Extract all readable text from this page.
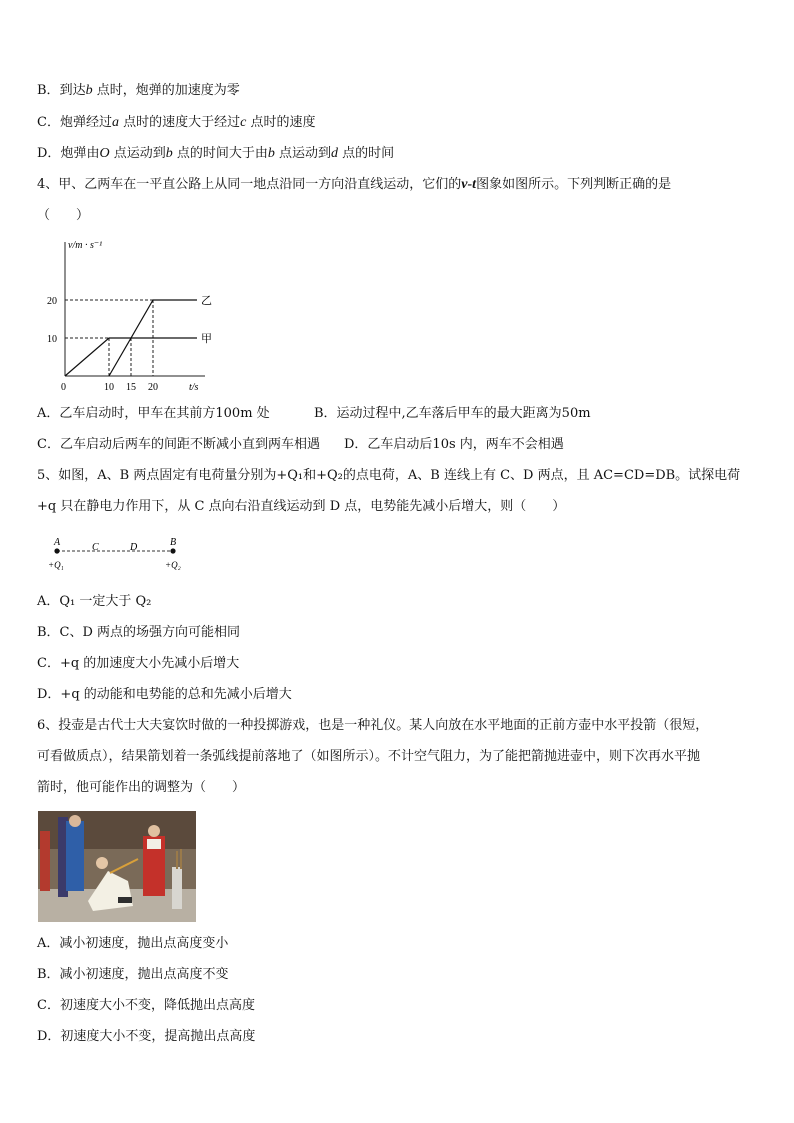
B．到达b 点时，炮弹的加速度为零
C．炮弹经过a 点时的速度大于经过c 点时的速度
D．炮弹由O 点运动到b 点的时间大于由b 点运动到d 点的时间
4、甲、乙两车在一平直公路上从同一地点沿同一方向沿直线运动，它们的v-t图象如图所示。下列判断正确的是
（　　）
v/m · s⁻¹
t/s
0
10
20
10 15 20
甲
乙
A．乙车启动时，甲车在其前方100m 处	B．运动过程中,乙车落后甲车的最大距离为50m
C．乙车启动后两车的间距不断减小直到两车相遇 D．乙车启动后10s 内，两车不会相遇
5、如图，A、B 两点固定有电荷量分别为+Q₁和+Q₂的点电荷，A、B 连线上有 C、D 两点，且 AC=CD=DB。试探电荷
+q 只在静电力作用下，从 C 点向右沿直线运动到 D 点，电势能先减小后增大，则（　　）
A	C	D	B
+Q₁	+Q₂
A．Q₁ 一定大于 Q₂
B．C、D 两点的场强方向可能相同
C．+q 的加速度大小先减小后增大
D．+q 的动能和电势能的总和先减小后增大
6、投壶是古代士大夫宴饮时做的一种投掷游戏，也是一种礼仪。某人向放在水平地面的正前方壶中水平投箭（很短，
可看做质点），结果箭划着一条弧线提前落地了（如图所示）。不计空气阻力，为了能把箭抛进壶中，则下次再水平抛
箭时，他可能作出的调整为（　　）
A．减小初速度，抛出点高度变小
B．减小初速度，抛出点高度不变
C．初速度大小不变，降低抛出点高度
D．初速度大小不变，提高抛出点高度
